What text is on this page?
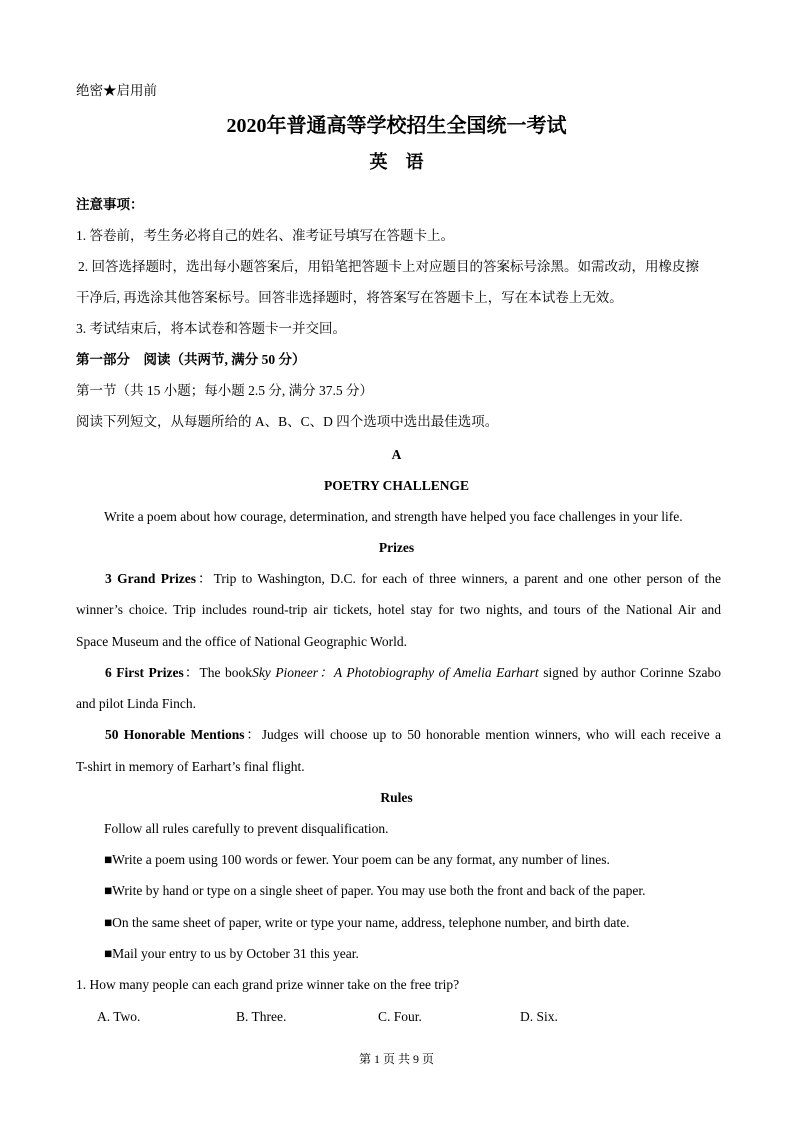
绝密★启用前
2020年普通高等学校招生全国统一考试
英　语
注意事项：
1. 答卷前，考生务必将自己的姓名、准考证号填写在答题卡上。
2. 回答选择题时，选出每小题答案后，用铅笔把答题卡上对应题目的答案标号涂黑。如需改动，用橡皮擦
干净后, 再选涂其他答案标号。回答非选择题时，将答案写在答题卡上，写在本试卷上无效。
3. 考试结束后，将本试卷和答题卡一并交回。
第一部分　阅读（共两节, 满分 50 分）
第一节（共 15 小题；每小题 2.5 分, 满分 37.5 分）
阅读下列短文，从每题所给的 A、B、C、D 四个选项中选出最佳选项。
A
POETRY CHALLENGE
Write a poem about how courage, determination, and strength have helped you face challenges in your life.
Prizes
3 Grand Prizes：Trip to Washington, D.C. for each of three winners, a parent and one other person of the
winner’s choice. Trip includes round-trip air tickets, hotel stay for two nights, and tours of the National Air and
Space Museum and the office of National Geographic World.
6 First Prizes：The bookSky Pioneer：A Photobiography of Amelia Earhart signed by author Corinne Szabo
and pilot Linda Finch.
50 Honorable Mentions：Judges will choose up to 50 honorable mention winners, who will each receive a
T-shirt in memory of Earhart’s final flight.
Rules
Follow all rules carefully to prevent disqualification.
■Write a poem using 100 words or fewer. Your poem can be any format, any number of lines.
■Write by hand or type on a single sheet of paper. You may use both the front and back of the paper.
■On the same sheet of paper, write or type your name, address, telephone number, and birth date.
■Mail your entry to us by October 31 this year.
1. How many people can each grand prize winner take on the free trip?
A. Two.	B. Three.	C. Four.	D. Six.
第 1 页 共 9 页
